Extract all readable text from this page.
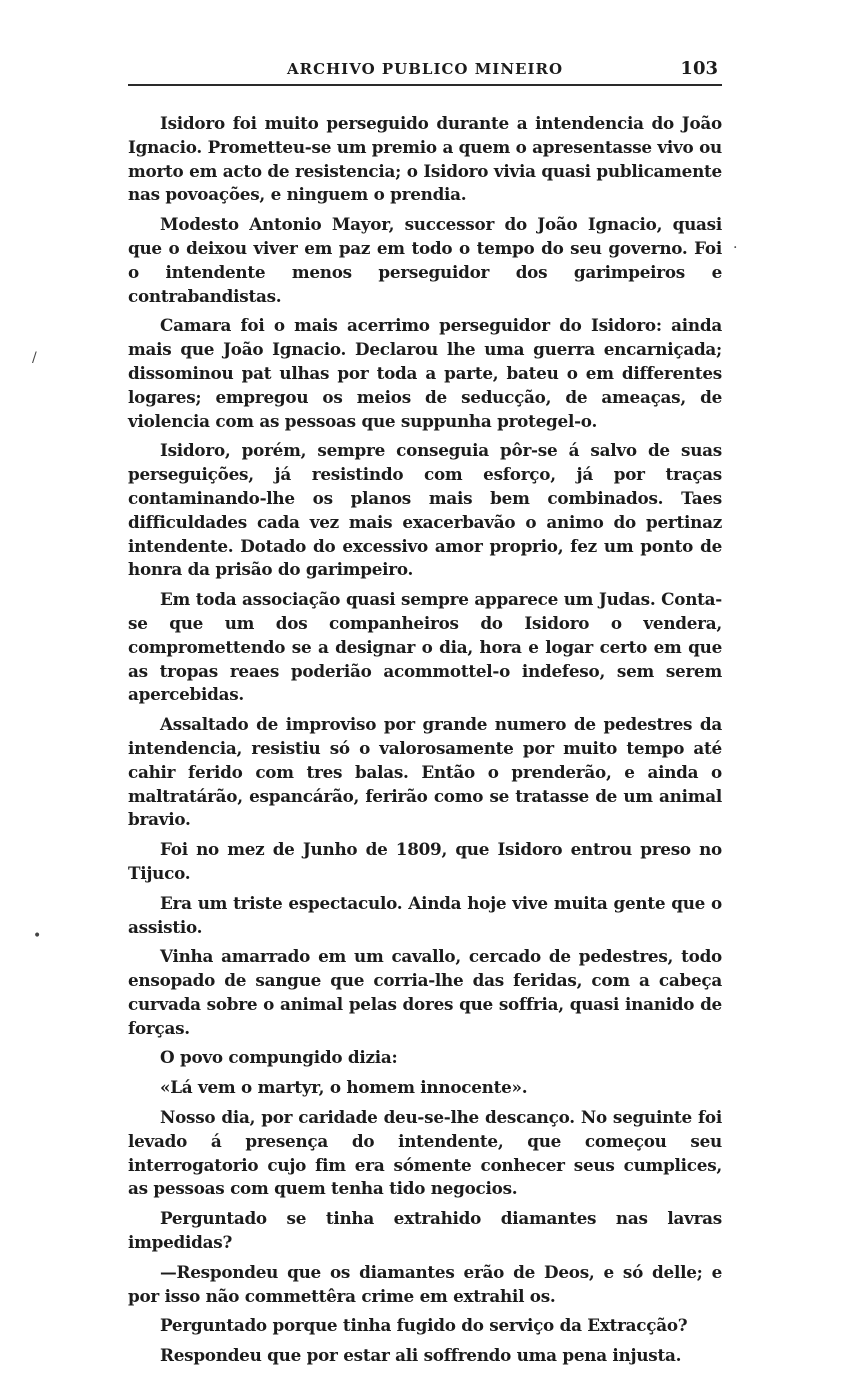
ARCHIVO PUBLICO MINEIRO	103

Isidoro foi muito perseguido durante a intendencia do João Ignacio. Prometteu-se um premio a quem o apresentasse vivo ou morto em acto de resistencia; o Isidoro vivia quasi publicamente nas povoações, e ninguem o prendia.

Modesto Antonio Mayor, successor do João Ignacio, quasi que o deixou viver em paz em todo o tempo do seu governo. Foi o intendente menos perseguidor dos garimpeiros e contrabandistas.

Camara foi o mais acerrimo perseguidor do Isidoro: ainda mais que João Ignacio. Declarou lhe uma guerra encarniçada; dissominou pat ulhas por toda a parte, bateu o em differentes logares; empregou os meios de seducção, de ameaças, de violencia com as pessoas que suppunha protegel-o.

Isidoro, porém, sempre conseguia pôr-se á salvo de suas perseguições, já resistindo com esforço, já por traças contaminando-lhe os planos mais bem combinados. Taes difficuldades cada vez mais exacerbavão o animo do pertinaz intendente. Dotado do excessivo amor proprio, fez um ponto de honra da prisão do garimpeiro.

Em toda associação quasi sempre apparece um Judas. Conta-se que um dos companheiros do Isidoro o vendera, compromettendo se a designar o dia, hora e logar certo em que as tropas reaes poderião acommottel-o indefeso, sem serem apercebidas.

Assaltado de improviso por grande numero de pedestres da intendencia, resistiu só o valorosamente por muito tempo até cahir ferido com tres balas. Então o prenderão, e ainda o maltratárão, espancárão, ferirão como se tratasse de um animal bravio.

Foi no mez de Junho de 1809, que Isidoro entrou preso no Tijuco.

Era um triste espectaculo. Ainda hoje vive muita gente que o assistio.

Vinha amarrado em um cavallo, cercado de pedestres, todo ensopado de sangue que corria-lhe das feridas, com a cabeça curvada sobre o animal pelas dores que soffria, quasi inanido de forças.

O povo compungido dizia:

«Lá vem o martyr, o homem innocente».

Nosso dia, por caridade deu-se-lhe descanço. No seguinte foi levado á presença do intendente, que começou seu interrogatorio cujo fim era sómente conhecer seus cumplices, as pessoas com quem tenha tido negocios.

Perguntado se tinha extrahido diamantes nas lavras impedidas?

—Respondeu que os diamantes erão de Deos, e só delle; e por isso não commettêra crime em extrahil os.

Perguntado porque tinha fugido do serviço da Extracção?

Respondeu que por estar ali soffrendo uma pena injusta.

/
•
.
